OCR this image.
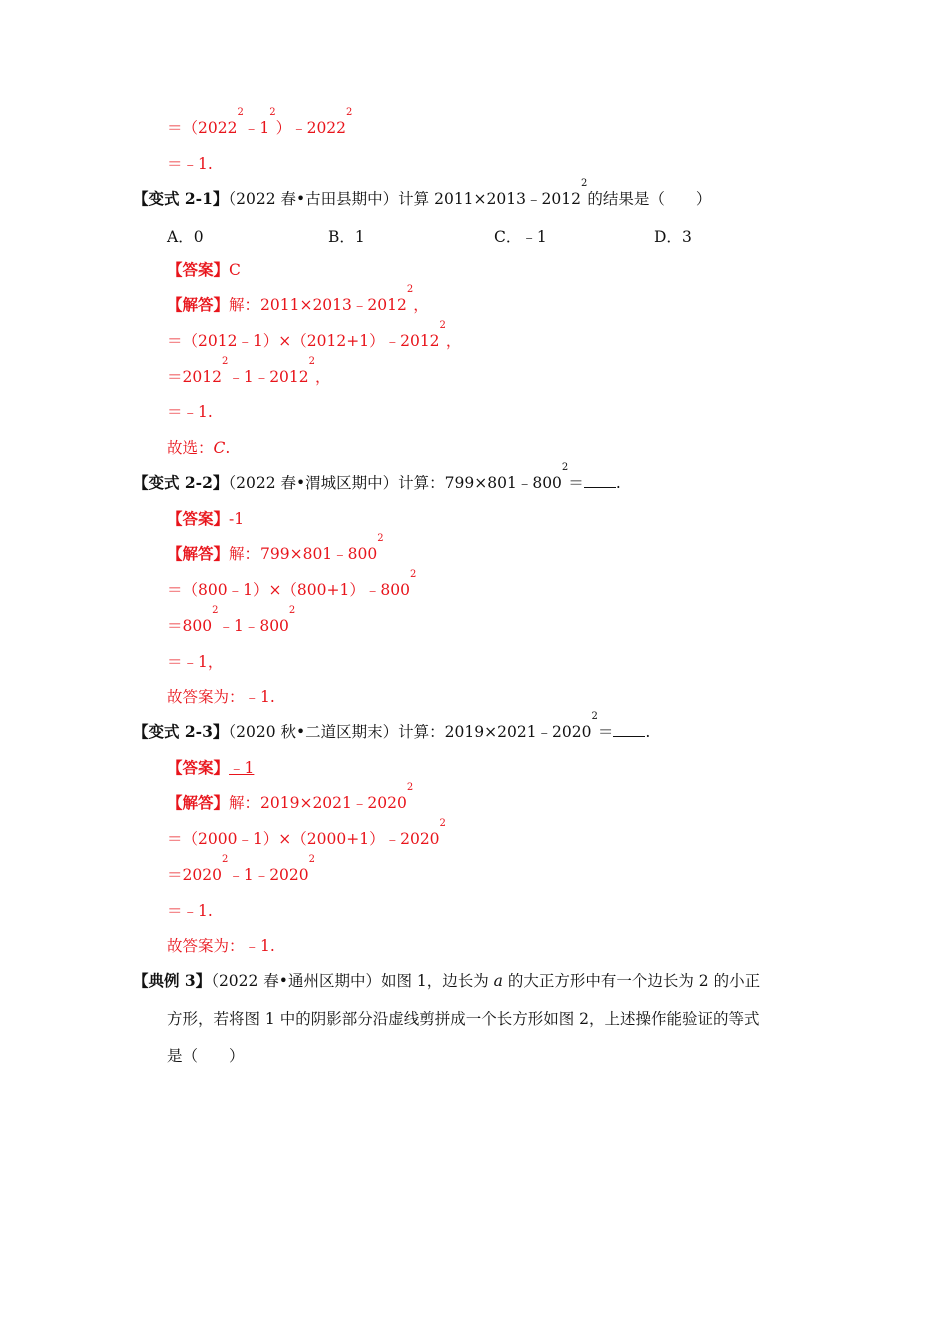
$=(2022^2﹣1^2)﹣2022^2$
＝﹣1.
【变式 2-1】（2022 春•古田县期中）计算 $2011\times 2013﹣2012^2$的结果是（　　）
A．0	B．1	C．﹣1	D．3
【答案】C
【解答】解：$2011\times 2013﹣2012^2$，
$=(2012﹣1)\times(2012+1)﹣2012^2$，
$=2012^2﹣1﹣2012^2$，
＝﹣1.
故选：C.
【变式 2-2】（2022 春•渭城区期中）计算：$799\times 801﹣800^2=$ .
【答案】-1
【解答】解：$799\times 801﹣800^2$
$=(800﹣1)\times(800+1)﹣800^2$
$=800^2﹣1﹣800^2$
＝﹣1，
故答案为：﹣1.
【变式 2-3】（2020 秋•二道区期末）计算：$2019\times 2021﹣2020^2=$ .
【答案】﹣1
【解答】解：$2019\times 2021﹣2020^2$
$=(2000﹣1)\times(2000+1)﹣2020^2$
$=2020^2﹣1﹣2020^2$
＝﹣1.
故答案为：﹣1.
【典例 3】（2022 春•通州区期中）如图 1，边长为 a 的大正方形中有一个边长为 2 的小正
方形，若将图 1 中的阴影部分沿虚线剪拼成一个长方形如图 2，上述操作能验证的等式
是（　　）
